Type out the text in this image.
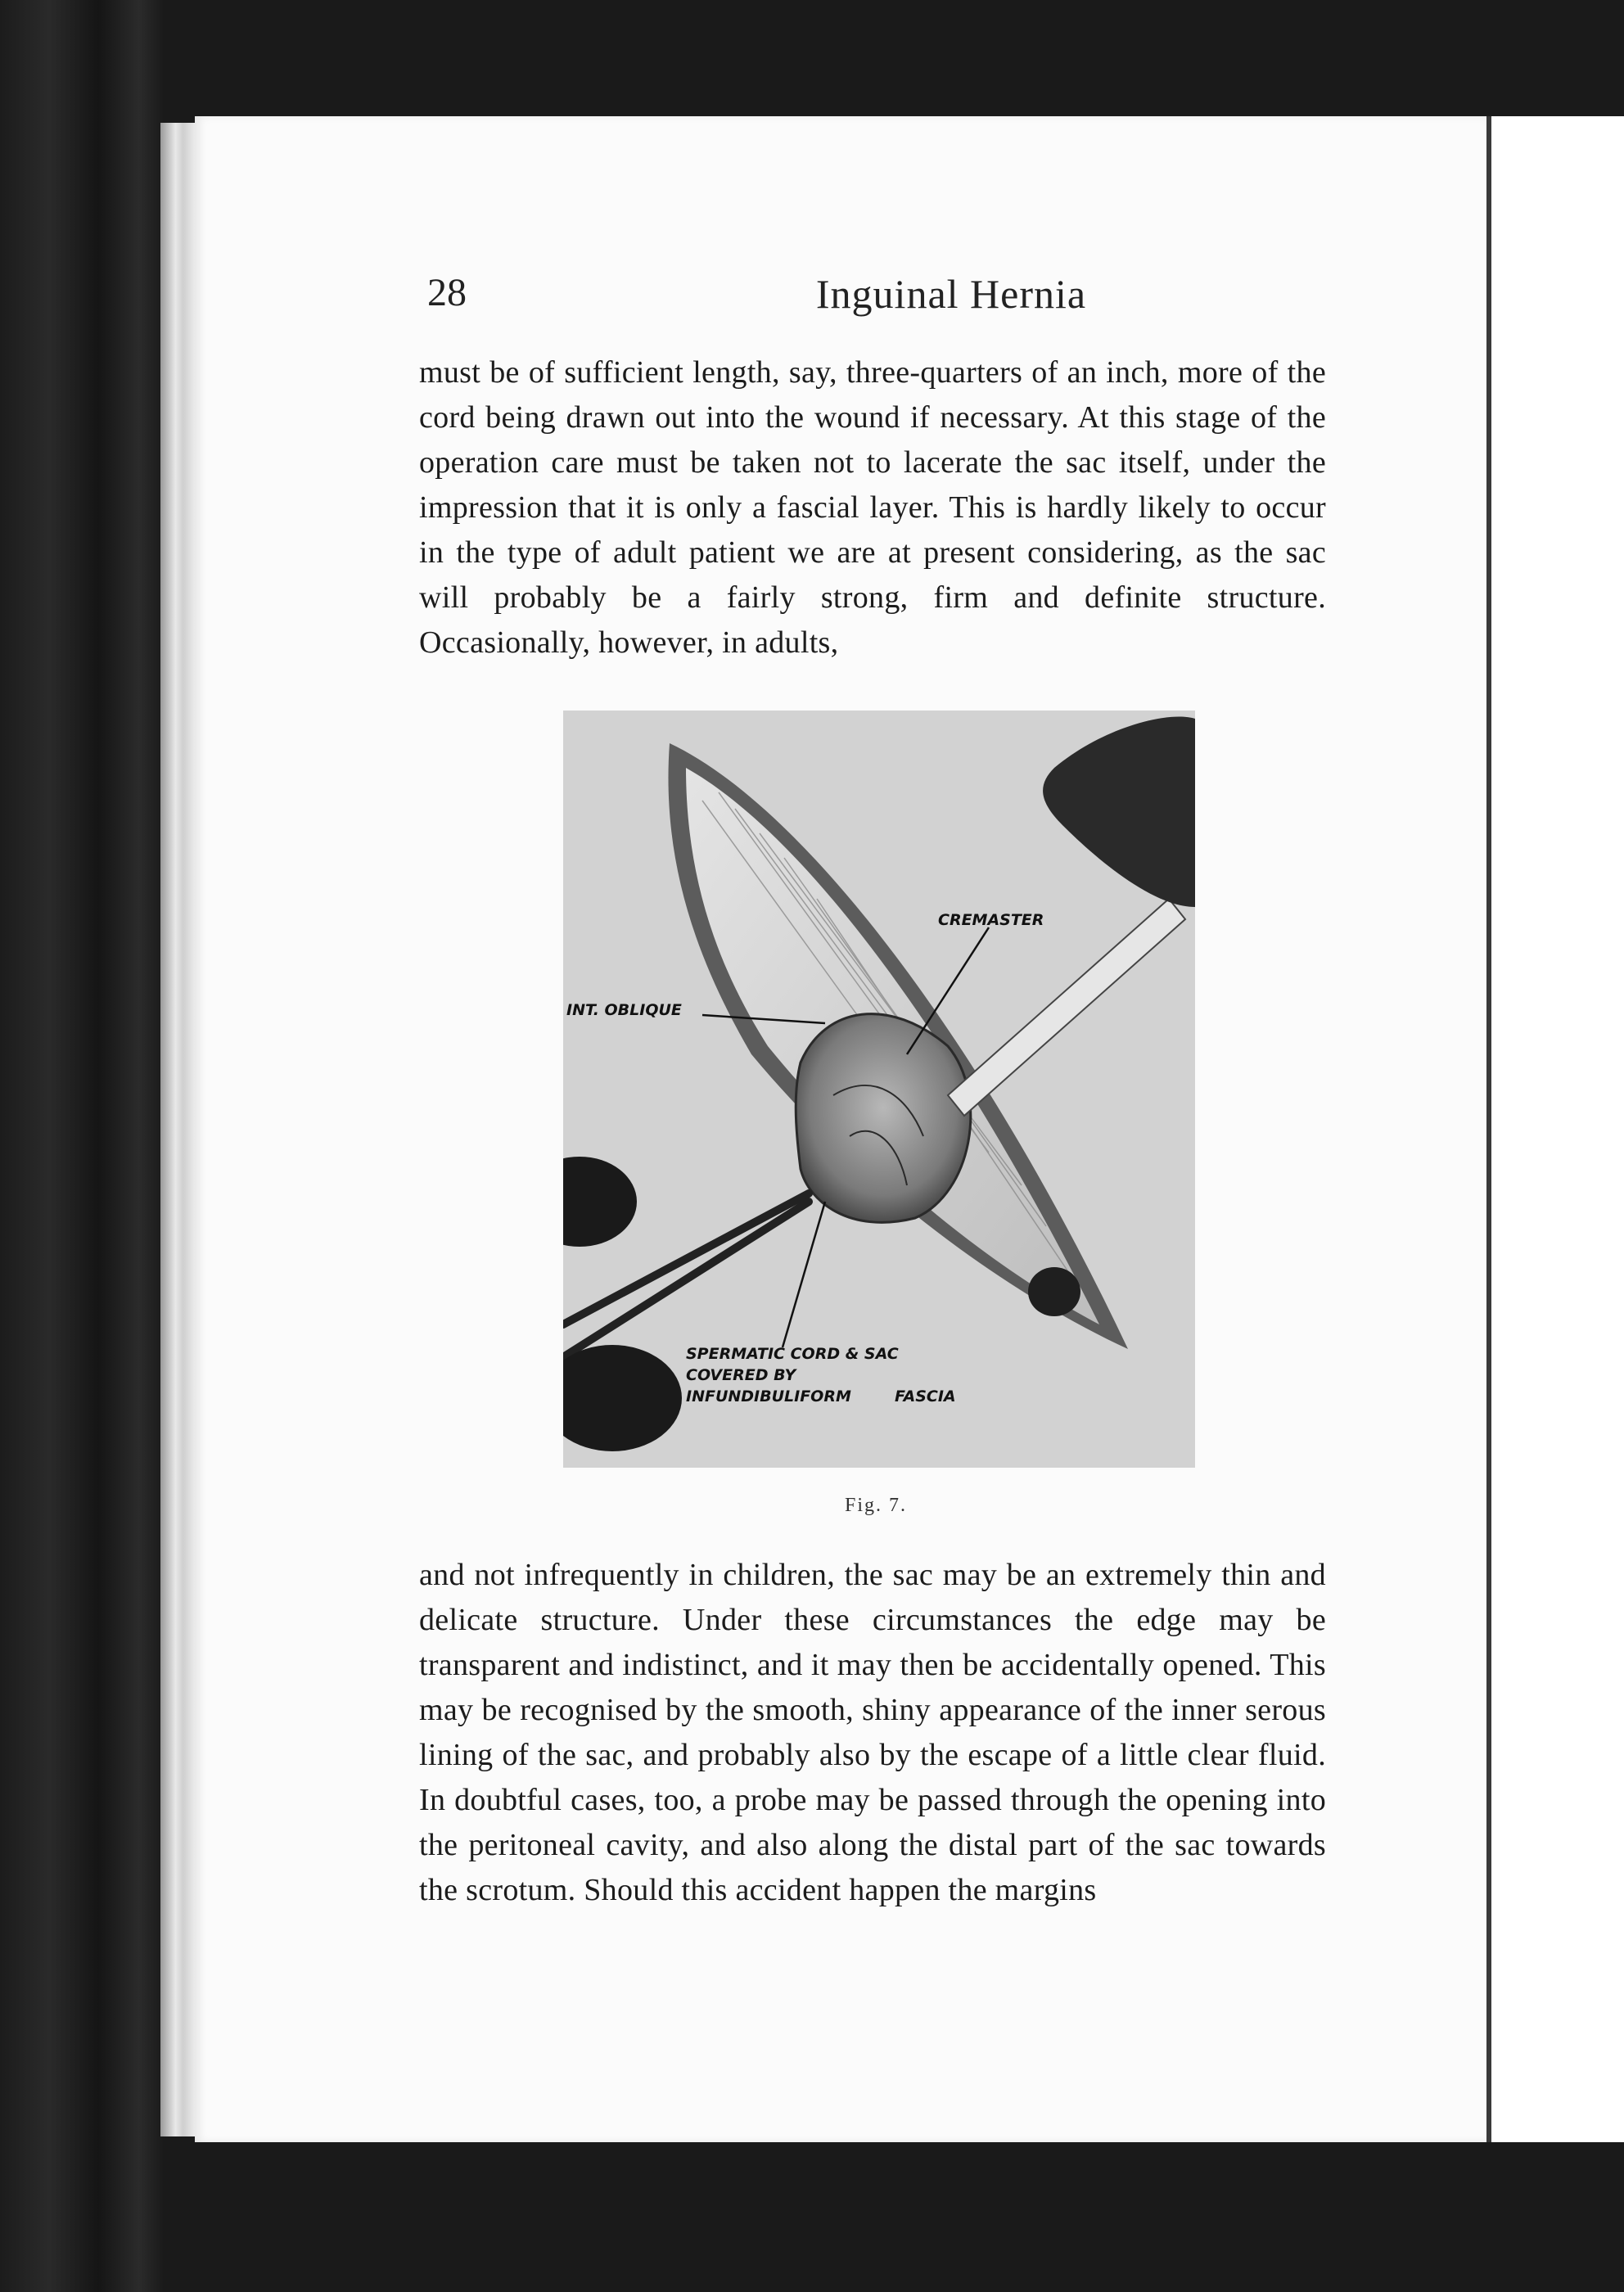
28	Inguinal Hernia
must be of sufficient length, say, three-quarters of an inch, more of the cord being drawn out into the wound if necessary. At this stage of the operation care must be taken not to lacerate the sac itself, under the impression that it is only a fascial layer. This is hardly likely to occur in the type of adult patient we are at present considering, as the sac will probably be a fairly strong, firm and definite structure. Occasionally, however, in adults,
CREMASTER
INT. OBLIQUE
SPERMATIC CORD & SAC
COVERED BY
INFUNDIBULIFORM	FASCIA
Fig. 7.
and not infrequently in children, the sac may be an extremely thin and delicate structure. Under these circumstances the edge may be transparent and indistinct, and it may then be accidentally opened. This may be recognised by the smooth, shiny appearance of the inner serous lining of the sac, and probably also by the escape of a little clear fluid. In doubtful cases, too, a probe may be passed through the opening into the peritoneal cavity, and also along the distal part of the sac towards the scrotum. Should this accident happen the margins
